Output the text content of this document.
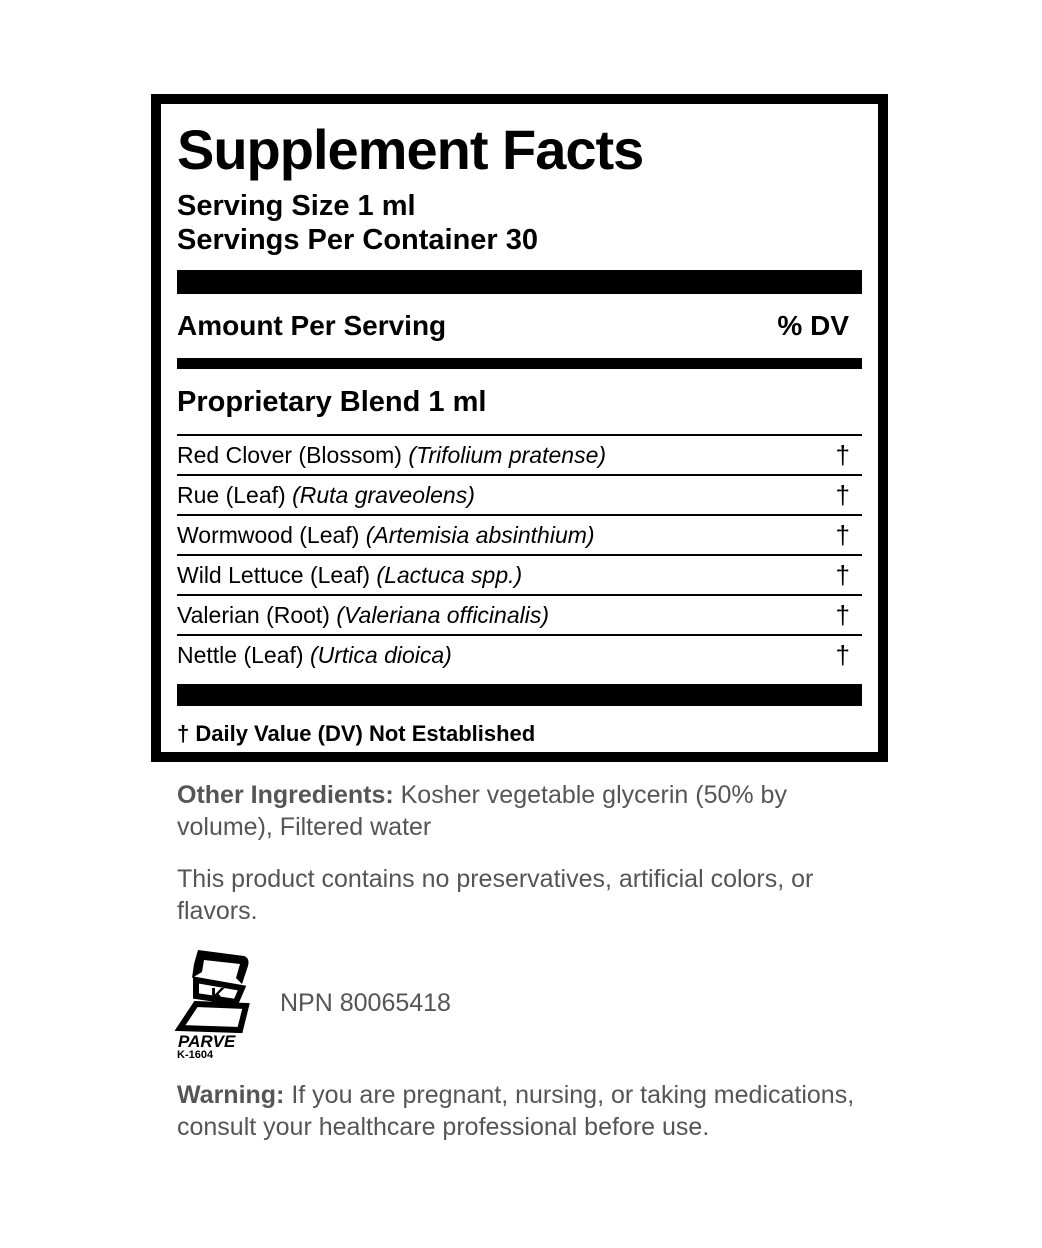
Supplement Facts
Serving Size 1 ml
Servings Per Container 30
Amount Per Serving	% DV
Proprietary Blend 1 ml
Red Clover (Blossom) (Trifolium pratense)	†
Rue (Leaf) (Ruta graveolens)	†
Wormwood (Leaf) (Artemisia absinthium)	†
Wild Lettuce (Leaf) (Lactuca spp.)	†
Valerian (Root) (Valeriana officinalis)	†
Nettle (Leaf) (Urtica dioica)	†
† Daily Value (DV) Not Established
Other Ingredients: Kosher vegetable glycerin (50% by volume), Filtered water
This product contains no preservatives, artificial colors, or flavors.
K
PARVE
K-1604
NPN 80065418
Warning: If you are pregnant, nursing, or taking medications, consult your healthcare professional before use.
